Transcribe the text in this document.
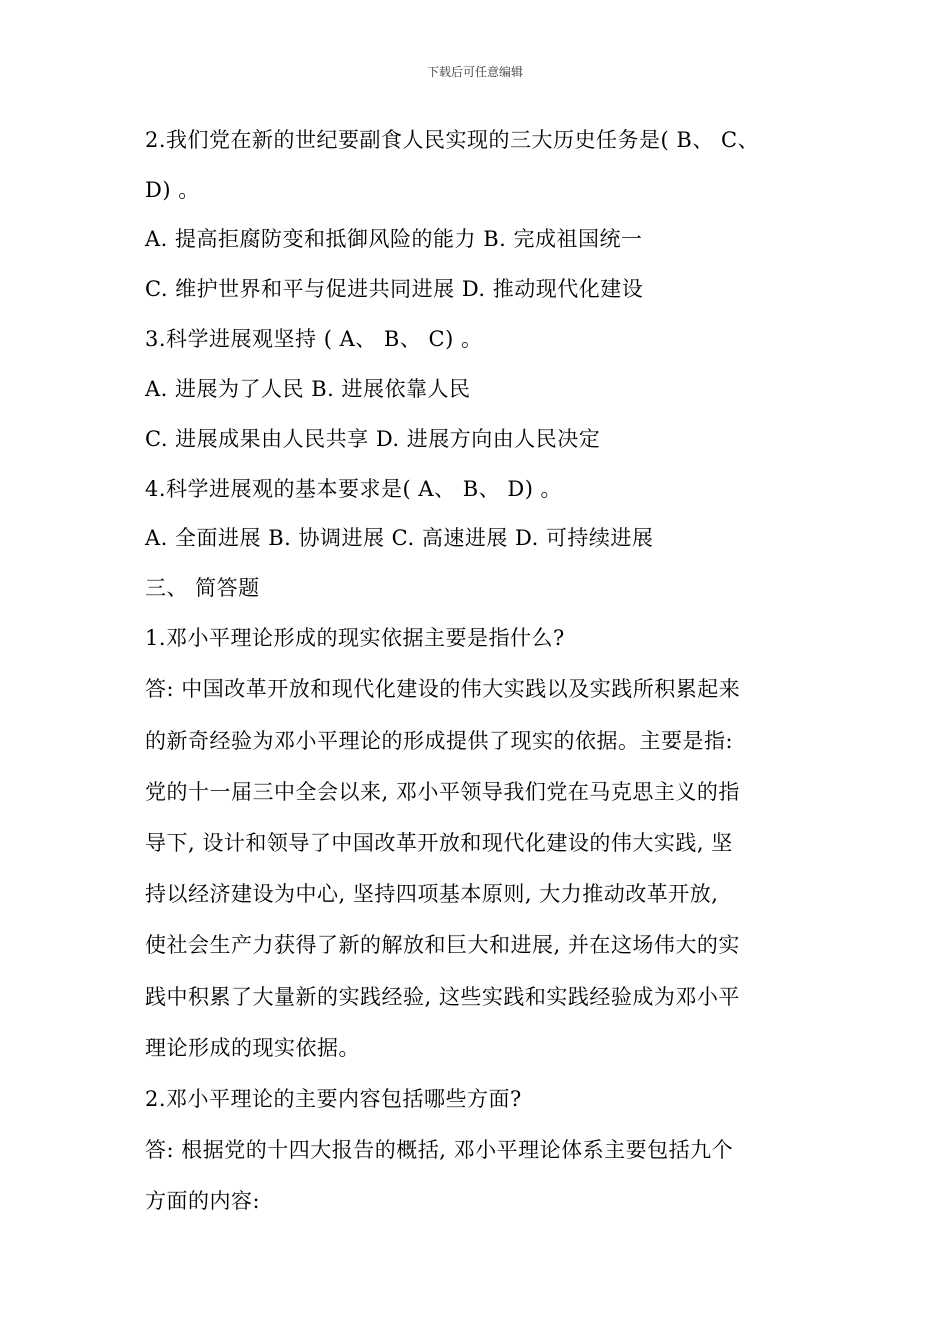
下载后可任意编辑
2.我们党在新的世纪要副食人民实现的三大历史任务是( B、 C、
D) 。
A. 提高拒腐防变和抵御风险的能力 B. 完成祖国统一
C. 维护世界和平与促进共同进展 D. 推动现代化建设
3.科学进展观坚持 ( A、 B、 C) 。
A. 进展为了人民 B. 进展依靠人民
C. 进展成果由人民共享 D. 进展方向由人民决定
4.科学进展观的基本要求是( A、 B、 D) 。
A. 全面进展 B. 协调进展 C. 高速进展 D. 可持续进展
三、 简答题
1.邓小平理论形成的现实依据主要是指什么?
答: 中国改革开放和现代化建设的伟大实践以及实践所积累起来
的新奇经验为邓小平理论的形成提供了现实的依据。主要是指:
党的十一届三中全会以来, 邓小平领导我们党在马克思主义的指
导下, 设计和领导了中国改革开放和现代化建设的伟大实践, 坚
持以经济建设为中心, 坚持四项基本原则, 大力推动改革开放,
使社会生产力获得了新的解放和巨大和进展, 并在这场伟大的实
践中积累了大量新的实践经验, 这些实践和实践经验成为邓小平
理论形成的现实依据。
2.邓小平理论的主要内容包括哪些方面?
答: 根据党的十四大报告的概括, 邓小平理论体系主要包括九个
方面的内容:
